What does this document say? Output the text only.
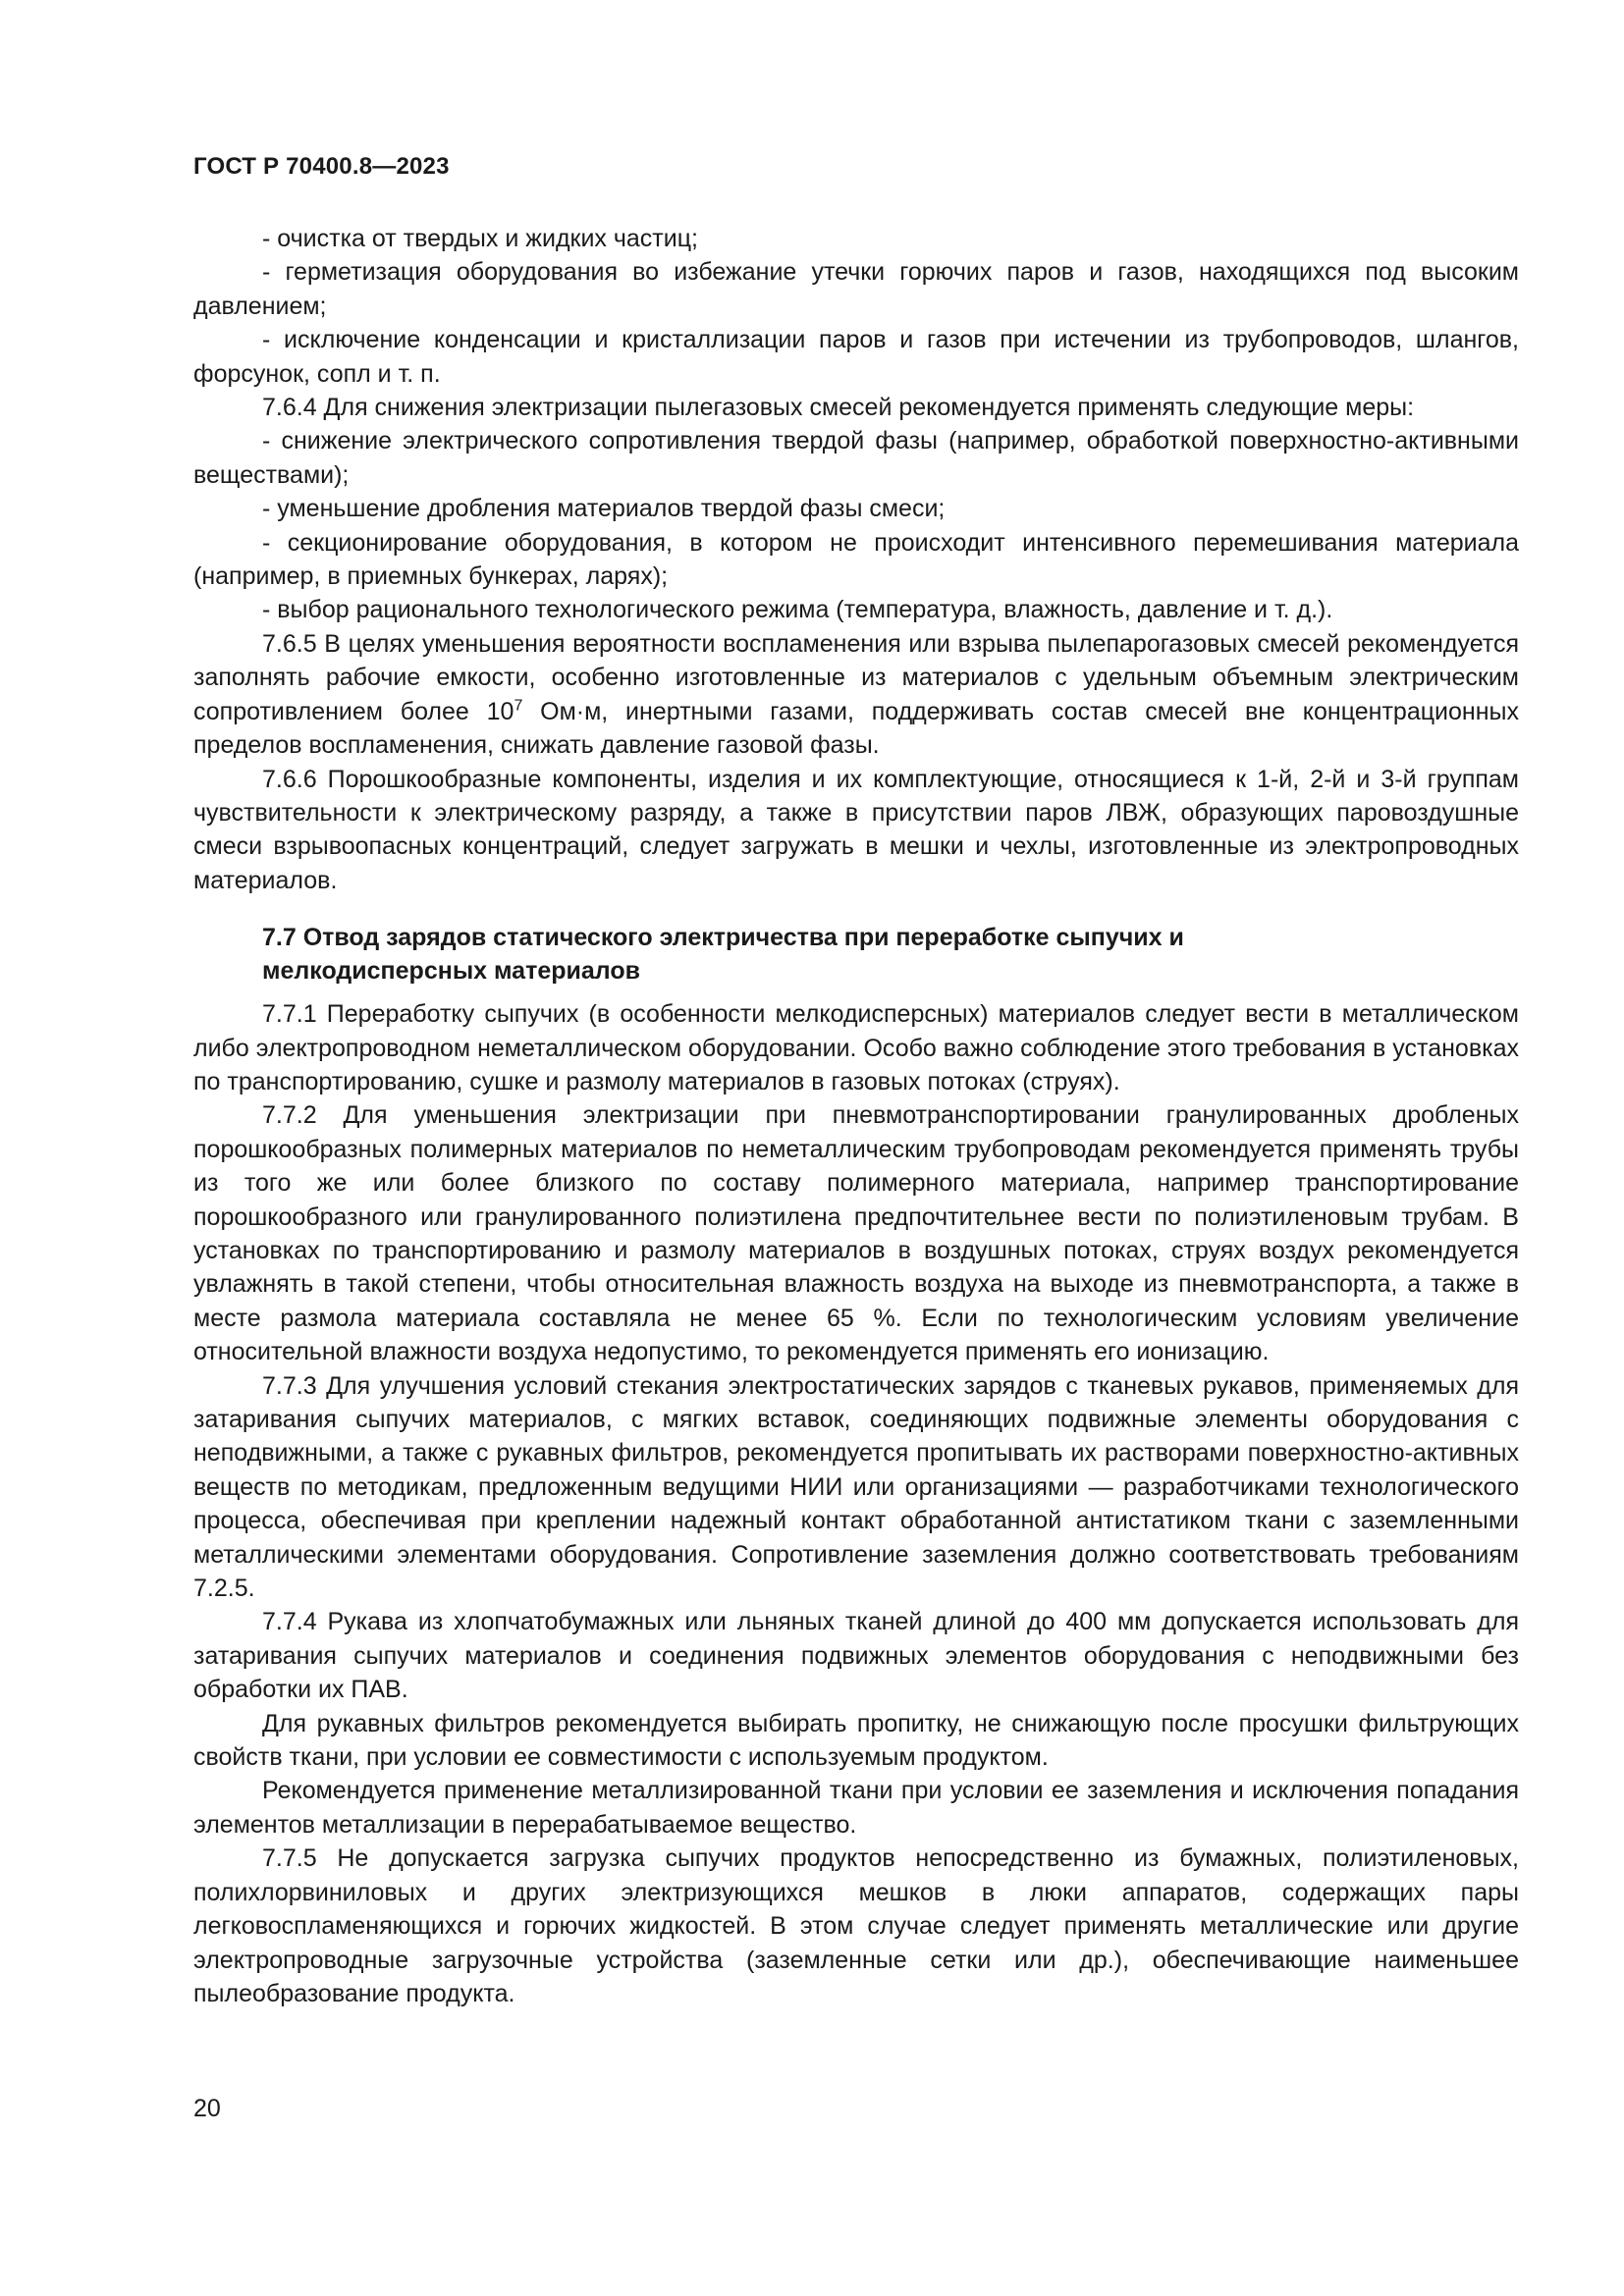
ГОСТ Р 70400.8—2023

- очистка от твердых и жидких частиц;

- герметизация оборудования во избежание утечки горючих паров и газов, находящихся под высоким давлением;

- исключение конденсации и кристаллизации паров и газов при истечении из трубопроводов, шлангов, форсунок, сопл и т. п.

7.6.4 Для снижения электризации пылегазовых смесей рекомендуется применять следующие меры:

- снижение электрического сопротивления твердой фазы (например, обработкой поверхностно-активными веществами);

- уменьшение дробления материалов твердой фазы смеси;

- секционирование оборудования, в котором не происходит интенсивного перемешивания материала (например, в приемных бункерах, ларях);

- выбор рационального технологического режима (температура, влажность, давление и т. д.).

7.6.5 В целях уменьшения вероятности воспламенения или взрыва пылепарогазовых смесей рекомендуется заполнять рабочие емкости, особенно изготовленные из материалов с удельным объемным электрическим сопротивлением более $10^7$ Ом·м, инертными газами, поддерживать состав смесей вне концентрационных пределов воспламенения, снижать давление газовой фазы.

7.6.6 Порошкообразные компоненты, изделия и их комплектующие, относящиеся к 1-й, 2-й и 3-й группам чувствительности к электрическому разряду, а также в присутствии паров ЛВЖ, образующих паровоздушные смеси взрывоопасных концентраций, следует загружать в мешки и чехлы, изготовленные из электропроводных материалов.

7.7 Отвод зарядов статического электричества при переработке сыпучих и мелкодисперсных материалов

7.7.1 Переработку сыпучих (в особенности мелкодисперсных) материалов следует вести в металлическом либо электропроводном неметаллическом оборудовании. Особо важно соблюдение этого требования в установках по транспортированию, сушке и размолу материалов в газовых потоках (струях).

7.7.2 Для уменьшения электризации при пневмотранспортировании гранулированных дробленых порошкообразных полимерных материалов по неметаллическим трубопроводам рекомендуется применять трубы из того же или более близкого по составу полимерного материала, например транспортирование порошкообразного или гранулированного полиэтилена предпочтительнее вести по полиэтиленовым трубам. В установках по транспортированию и размолу материалов в воздушных потоках, струях воздух рекомендуется увлажнять в такой степени, чтобы относительная влажность воздуха на выходе из пневмотранспорта, а также в месте размола материала составляла не менее 65 %. Если по технологическим условиям увеличение относительной влажности воздуха недопустимо, то рекомендуется применять его ионизацию.

7.7.3 Для улучшения условий стекания электростатических зарядов с тканевых рукавов, применяемых для затаривания сыпучих материалов, с мягких вставок, соединяющих подвижные элементы оборудования с неподвижными, а также с рукавных фильтров, рекомендуется пропитывать их растворами поверхностно-активных веществ по методикам, предложенным ведущими НИИ или организациями — разработчиками технологического процесса, обеспечивая при креплении надежный контакт обработанной антистатиком ткани с заземленными металлическими элементами оборудования. Сопротивление заземления должно соответствовать требованиям 7.2.5.

7.7.4 Рукава из хлопчатобумажных или льняных тканей длиной до 400 мм допускается использовать для затаривания сыпучих материалов и соединения подвижных элементов оборудования с неподвижными без обработки их ПАВ.

Для рукавных фильтров рекомендуется выбирать пропитку, не снижающую после просушки фильтрующих свойств ткани, при условии ее совместимости с используемым продуктом.

Рекомендуется применение металлизированной ткани при условии ее заземления и исключения попадания элементов металлизации в перерабатываемое вещество.

7.7.5 Не допускается загрузка сыпучих продуктов непосредственно из бумажных, полиэтиленовых, полихлорвиниловых и других электризующихся мешков в люки аппаратов, содержащих пары легковоспламеняющихся и горючих жидкостей. В этом случае следует применять металлические или другие электропроводные загрузочные устройства (заземленные сетки или др.), обеспечивающие наименьшее пылеобразование продукта.

20
